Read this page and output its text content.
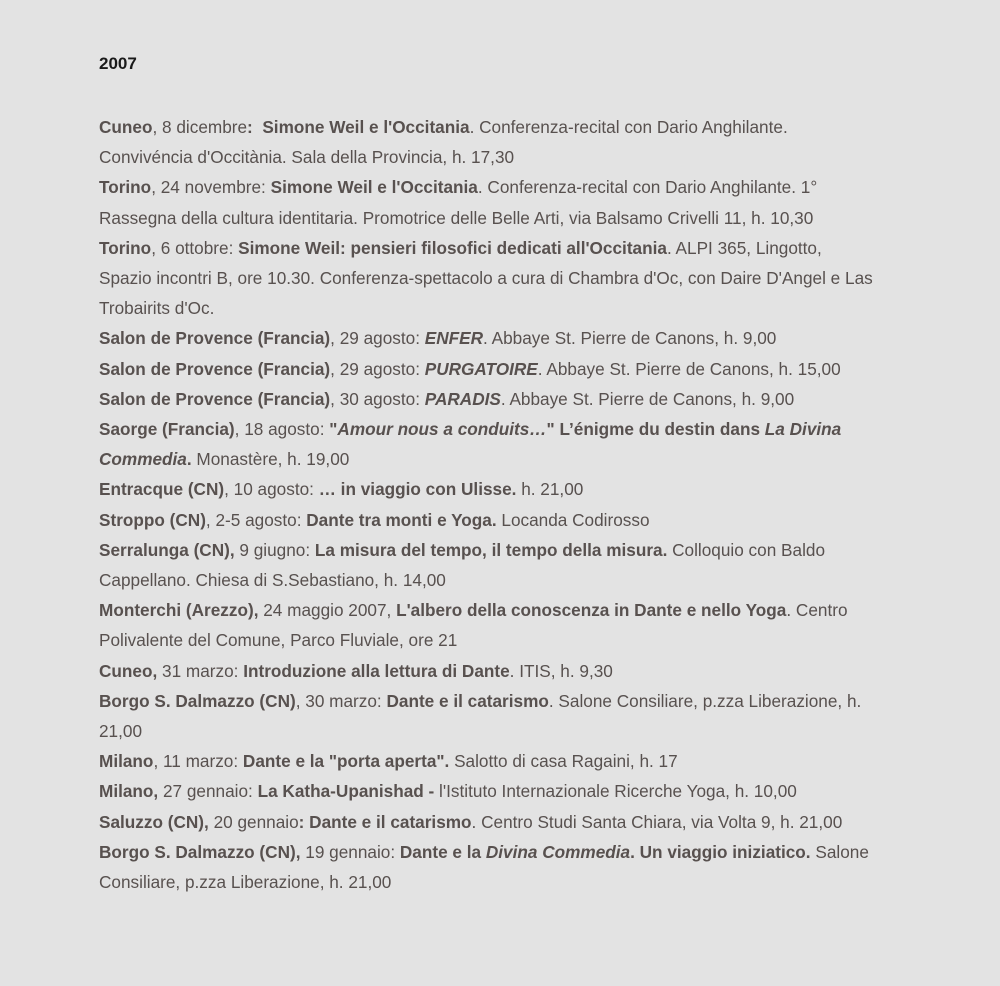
2007

Cuneo, 8 dicembre: Simone Weil e l'Occitania. Conferenza-recital con Dario Anghilante. Convivéncia d'Occitània. Sala della Provincia, h. 17,30

Torino, 24 novembre: Simone Weil e l'Occitania. Conferenza-recital con Dario Anghilante. 1° Rassegna della cultura identitaria. Promotrice delle Belle Arti, via Balsamo Crivelli 11, h. 10,30

Torino, 6 ottobre: Simone Weil: pensieri filosofici dedicati all'Occitania. ALPI 365, Lingotto, Spazio incontri B, ore 10.30. Conferenza-spettacolo a cura di Chambra d'Oc, con Daire D'Angel e Las Trobairits d'Oc.

Salon de Provence (Francia), 29 agosto: ENFER. Abbaye St. Pierre de Canons, h. 9,00

Salon de Provence (Francia), 29 agosto: PURGATOIRE. Abbaye St. Pierre de Canons, h. 15,00

Salon de Provence (Francia), 30 agosto: PARADIS. Abbaye St. Pierre de Canons, h. 9,00

Saorge (Francia), 18 agosto: "Amour nous a conduits…" L’énigme du destin dans La Divina Commedia. Monastère, h. 19,00

Entracque (CN), 10 agosto: … in viaggio con Ulisse. h. 21,00

Stroppo (CN), 2-5 agosto: Dante tra monti e Yoga. Locanda Codirosso

Serralunga (CN), 9 giugno: La misura del tempo, il tempo della misura. Colloquio con Baldo Cappellano. Chiesa di S.Sebastiano, h. 14,00

Monterchi (Arezzo), 24 maggio 2007, L'albero della conoscenza in Dante e nello Yoga. Centro Polivalente del Comune, Parco Fluviale, ore 21

Cuneo, 31 marzo: Introduzione alla lettura di Dante. ITIS, h. 9,30

Borgo S. Dalmazzo (CN), 30 marzo: Dante e il catarismo. Salone Consiliare, p.zza Liberazione, h. 21,00

Milano, 11 marzo: Dante e la "porta aperta". Salotto di casa Ragaini, h. 17

Milano, 27 gennaio: La Katha-Upanishad - l'Istituto Internazionale Ricerche Yoga, h. 10,00

Saluzzo (CN), 20 gennaio: Dante e il catarismo. Centro Studi Santa Chiara, via Volta 9, h. 21,00

Borgo S. Dalmazzo (CN), 19 gennaio: Dante e la Divina Commedia. Un viaggio iniziatico. Salone Consiliare, p.zza Liberazione, h. 21,00
